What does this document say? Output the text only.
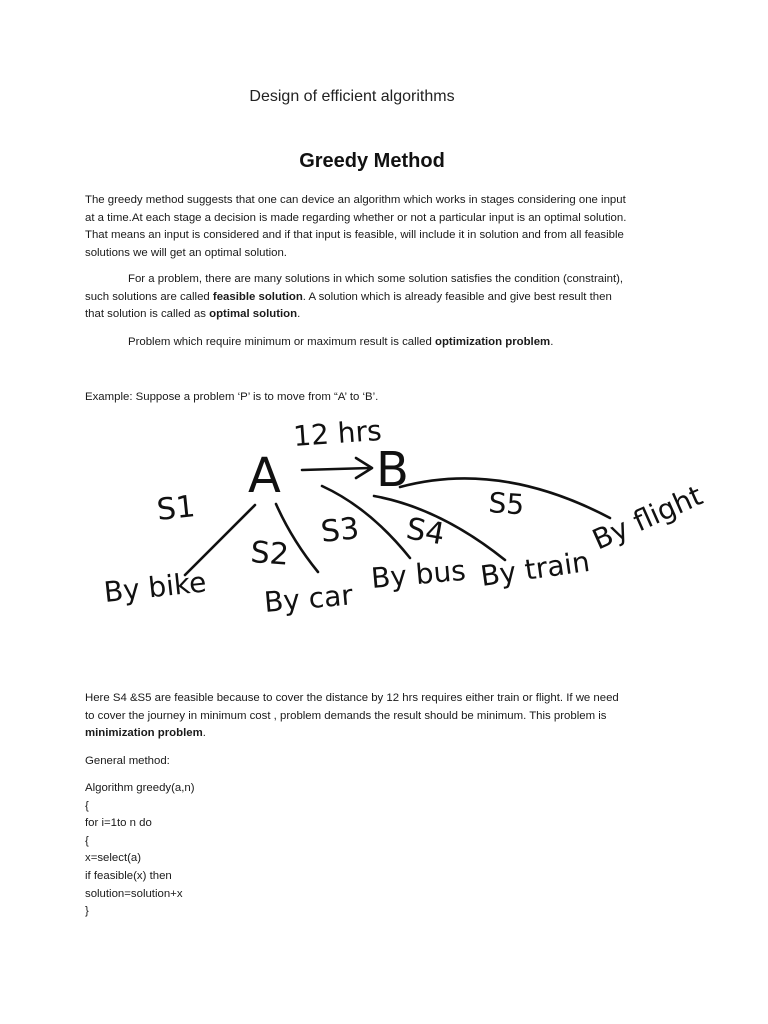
Design of efficient algorithms
Greedy Method
The greedy method suggests that one can device an algorithm which works in stages considering one input at a time.At each stage a decision is made regarding whether or not a particular input is an optimal solution. That means an input is considered and if that input is feasible, will include it in solution and from all feasible solutions we will get an optimal solution.
For a problem, there are many solutions in which some solution satisfies the condition (constraint), such solutions are called feasible solution. A solution which is already feasible and give best result then that solution is called as optimal solution.
Problem which require minimum or maximum result is called optimization problem.
Example: Suppose a problem ‘P’ is to move from “A’ to ‘B’.
A B
12 hrs
S1
S2
S3 S4
S5
By bike By car
By bus By train
By flight
Here S4 &S5 are feasible because to cover the distance by 12 hrs requires either train or flight. If we need to cover the journey in minimum cost , problem demands the result should be minimum. This problem is minimization problem.
General method:
Algorithm greedy(a,n)
{
for i=1to n do
{
x=select(a)
if feasible(x) then
solution=solution+x
}
